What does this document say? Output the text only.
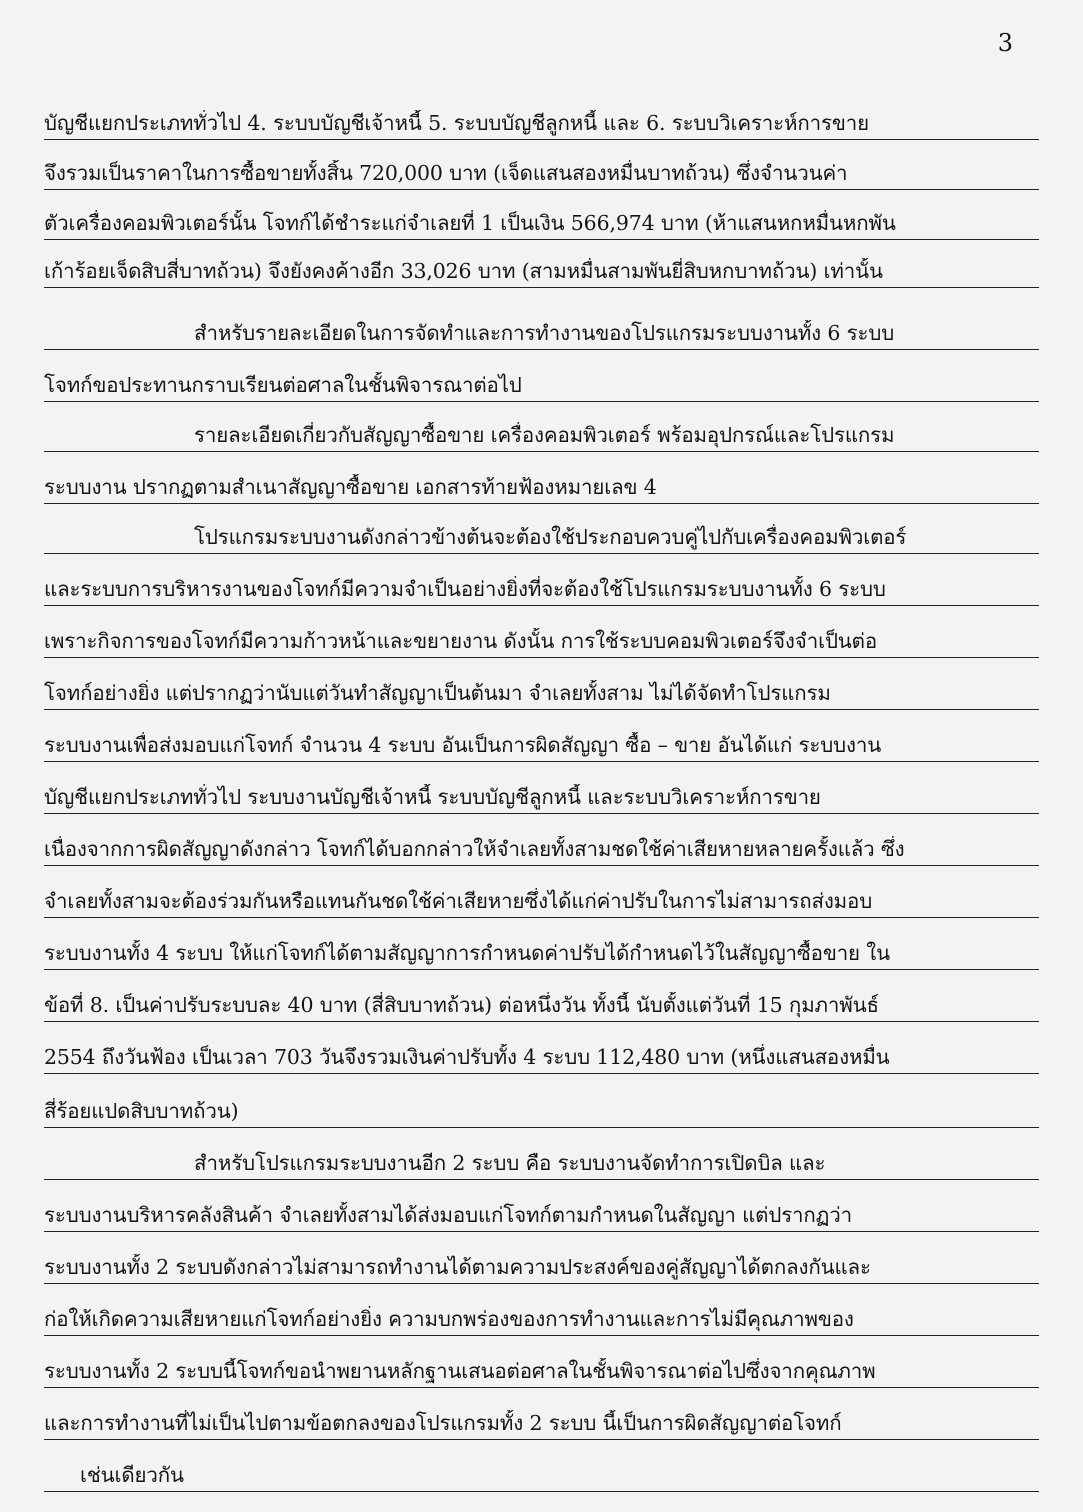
3
บัญชีแยกประเภททั่วไป 4. ระบบบัญชีเจ้าหนี้ 5. ระบบบัญชีลูกหนี้ และ 6. ระบบวิเคราะห์การขาย
จึงรวมเป็นราคาในการซื้อขายทั้งสิ้น 720,000 บาท (เจ็ดแสนสองหมื่นบาทถ้วน) ซึ่งจำนวนค่า
ตัวเครื่องคอมพิวเตอร์นั้น โจทก์ได้ชำระแก่จำเลยที่ 1 เป็นเงิน 566,974 บาท (ห้าแสนหกหมื่นหกพัน
เก้าร้อยเจ็ดสิบสี่บาทถ้วน) จึงยังคงค้างอีก 33,026 บาท (สามหมื่นสามพันยี่สิบหกบาทถ้วน) เท่านั้น
สำหรับรายละเอียดในการจัดทำและการทำงานของโปรแกรมระบบงานทั้ง 6 ระบบ
โจทก์ขอประทานกราบเรียนต่อศาลในชั้นพิจารณาต่อไป
รายละเอียดเกี่ยวกับสัญญาซื้อขาย เครื่องคอมพิวเตอร์ พร้อมอุปกรณ์และโปรแกรม
ระบบงาน ปรากฏตามสำเนาสัญญาซื้อขาย เอกสารท้ายฟ้องหมายเลข 4
โปรแกรมระบบงานดังกล่าวข้างต้นจะต้องใช้ประกอบควบคู่ไปกับเครื่องคอมพิวเตอร์
และระบบการบริหารงานของโจทก์มีความจำเป็นอย่างยิ่งที่จะต้องใช้โปรแกรมระบบงานทั้ง 6 ระบบ
เพราะกิจการของโจทก์มีความก้าวหน้าและขยายงาน ดังนั้น การใช้ระบบคอมพิวเตอร์จึงจำเป็นต่อ
โจทก์อย่างยิ่ง แต่ปรากฏว่านับแต่วันทำสัญญาเป็นต้นมา จำเลยทั้งสาม ไม่ได้จัดทำโปรแกรม
ระบบงานเพื่อส่งมอบแก่โจทก์ จำนวน 4 ระบบ อันเป็นการผิดสัญญา ซื้อ – ขาย อันได้แก่ ระบบงาน
บัญชีแยกประเภททั่วไป ระบบงานบัญชีเจ้าหนี้ ระบบบัญชีลูกหนี้ และระบบวิเคราะห์การขาย
เนื่องจากการผิดสัญญาดังกล่าว โจทก์ได้บอกกล่าวให้จำเลยทั้งสามชดใช้ค่าเสียหายหลายครั้งแล้ว ซึ่ง
จำเลยทั้งสามจะต้องร่วมกันหรือแทนกันชดใช้ค่าเสียหายซึ่งได้แก่ค่าปรับในการไม่สามารถส่งมอบ
ระบบงานทั้ง 4 ระบบ ให้แก่โจทก์ได้ตามสัญญาการกำหนดค่าปรับได้กำหนดไว้ในสัญญาซื้อขาย ใน
ข้อที่ 8. เป็นค่าปรับระบบละ 40 บาท (สี่สิบบาทถ้วน) ต่อหนึ่งวัน ทั้งนี้ นับตั้งแต่วันที่ 15 กุมภาพันธ์
2554 ถึงวันฟ้อง เป็นเวลา 703 วันจึงรวมเงินค่าปรับทั้ง 4 ระบบ 112,480 บาท (หนึ่งแสนสองหมื่น
สี่ร้อยแปดสิบบาทถ้วน)
สำหรับโปรแกรมระบบงานอีก 2 ระบบ คือ ระบบงานจัดทำการเปิดบิล และ
ระบบงานบริหารคลังสินค้า จำเลยทั้งสามได้ส่งมอบแก่โจทก์ตามกำหนดในสัญญา แต่ปรากฏว่า
ระบบงานทั้ง 2 ระบบดังกล่าวไม่สามารถทำงานได้ตามความประสงค์ของคู่สัญญาได้ตกลงกันและ
ก่อให้เกิดความเสียหายแก่โจทก์อย่างยิ่ง ความบกพร่องของการทำงานและการไม่มีคุณภาพของ
ระบบงานทั้ง 2 ระบบนี้โจทก์ขอนำพยานหลักฐานเสนอต่อศาลในชั้นพิจารณาต่อไปซึ่งจากคุณภาพ
และการทำงานที่ไม่เป็นไปตามข้อตกลงของโปรแกรมทั้ง 2 ระบบ นี้เป็นการผิดสัญญาต่อโจทก์
เช่นเดียวกัน
